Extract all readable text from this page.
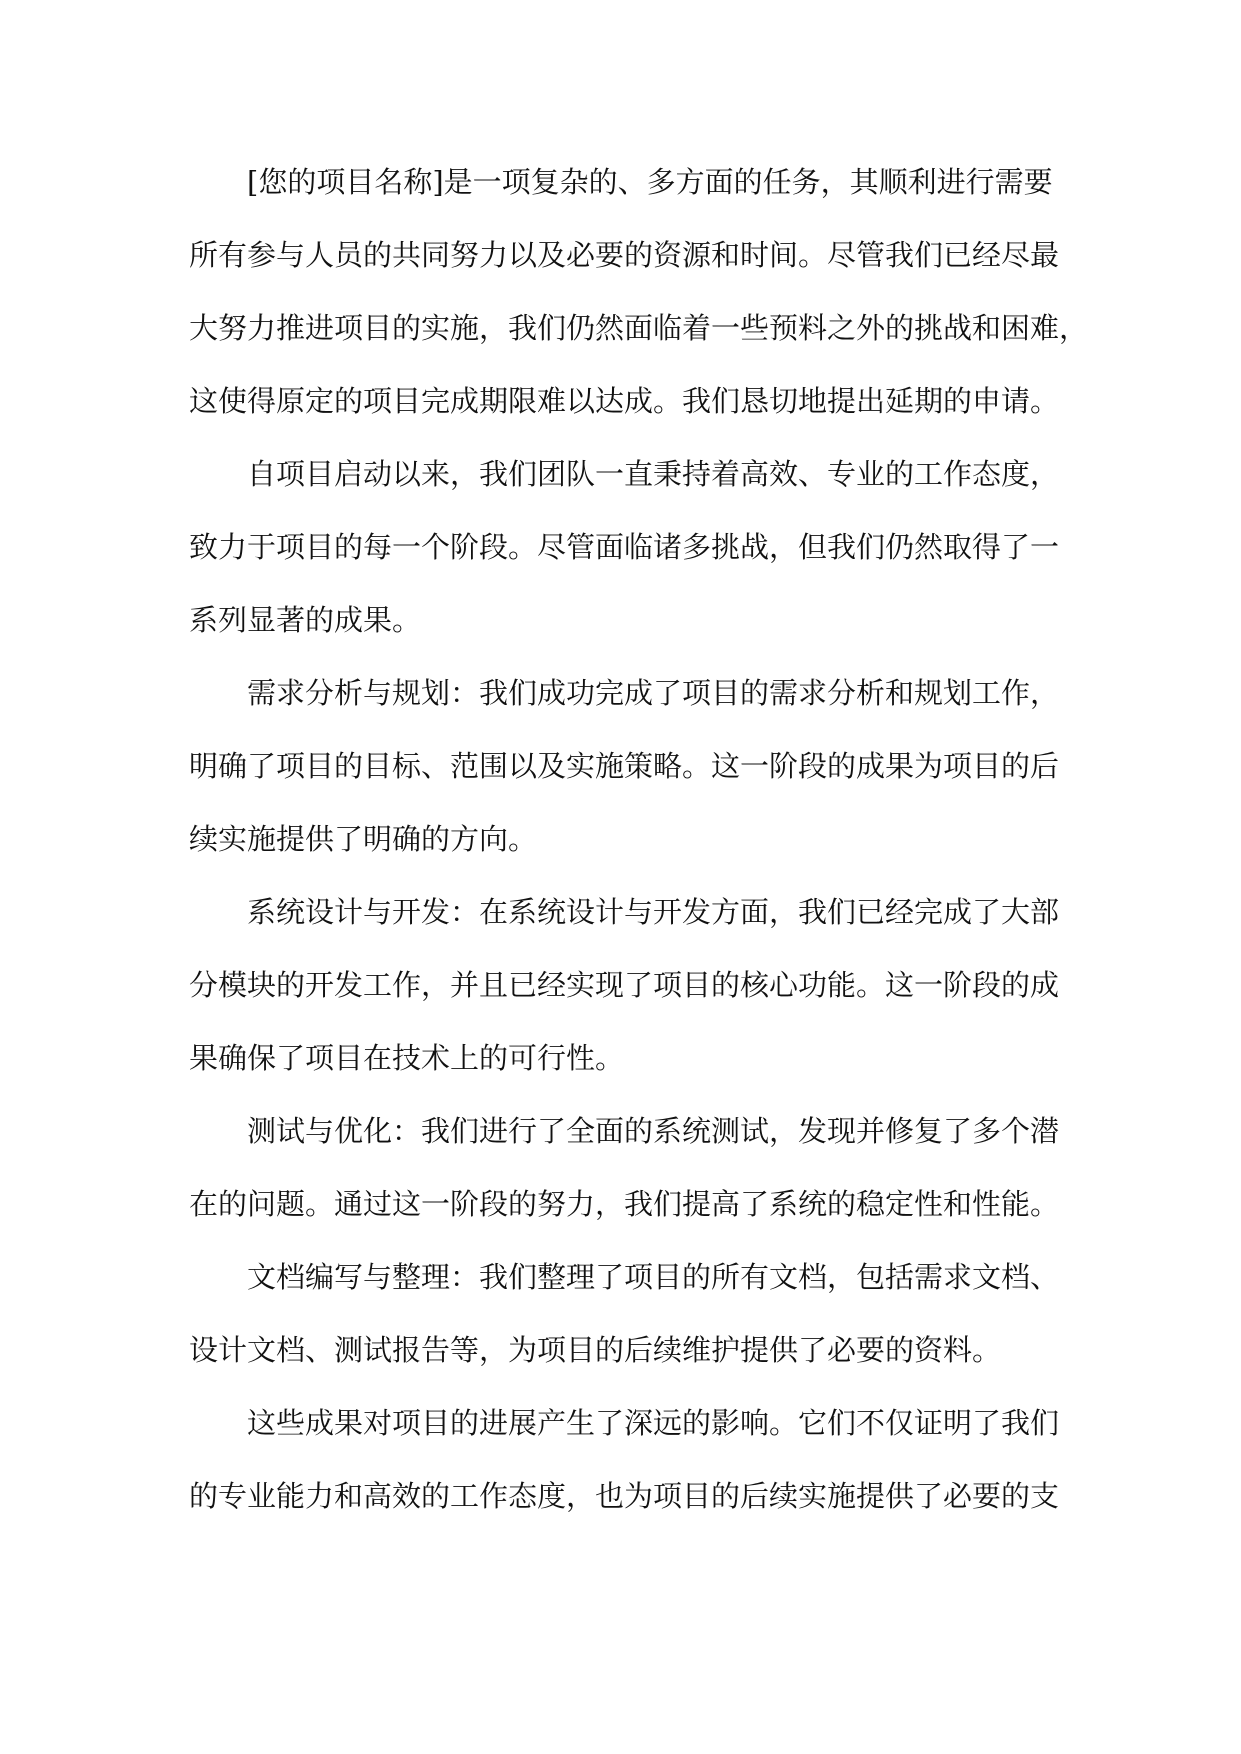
[您的项目名称]是一项复杂的、多方面的任务，其顺利进行需要
所有参与人员的共同努力以及必要的资源和时间。尽管我们已经尽最
大努力推进项目的实施，我们仍然面临着一些预料之外的挑战和困难，
这使得原定的项目完成期限难以达成。我们恳切地提出延期的申请。

自项目启动以来，我们团队一直秉持着高效、专业的工作态度，
致力于项目的每一个阶段。尽管面临诸多挑战，但我们仍然取得了一
系列显著的成果。

需求分析与规划：我们成功完成了项目的需求分析和规划工作，
明确了项目的目标、范围以及实施策略。这一阶段的成果为项目的后
续实施提供了明确的方向。

系统设计与开发：在系统设计与开发方面，我们已经完成了大部
分模块的开发工作，并且已经实现了项目的核心功能。这一阶段的成
果确保了项目在技术上的可行性。

测试与优化：我们进行了全面的系统测试，发现并修复了多个潜
在的问题。通过这一阶段的努力，我们提高了系统的稳定性和性能。

文档编写与整理：我们整理了项目的所有文档，包括需求文档、
设计文档、测试报告等，为项目的后续维护提供了必要的资料。

这些成果对项目的进展产生了深远的影响。它们不仅证明了我们
的专业能力和高效的工作态度，也为项目的后续实施提供了必要的支
